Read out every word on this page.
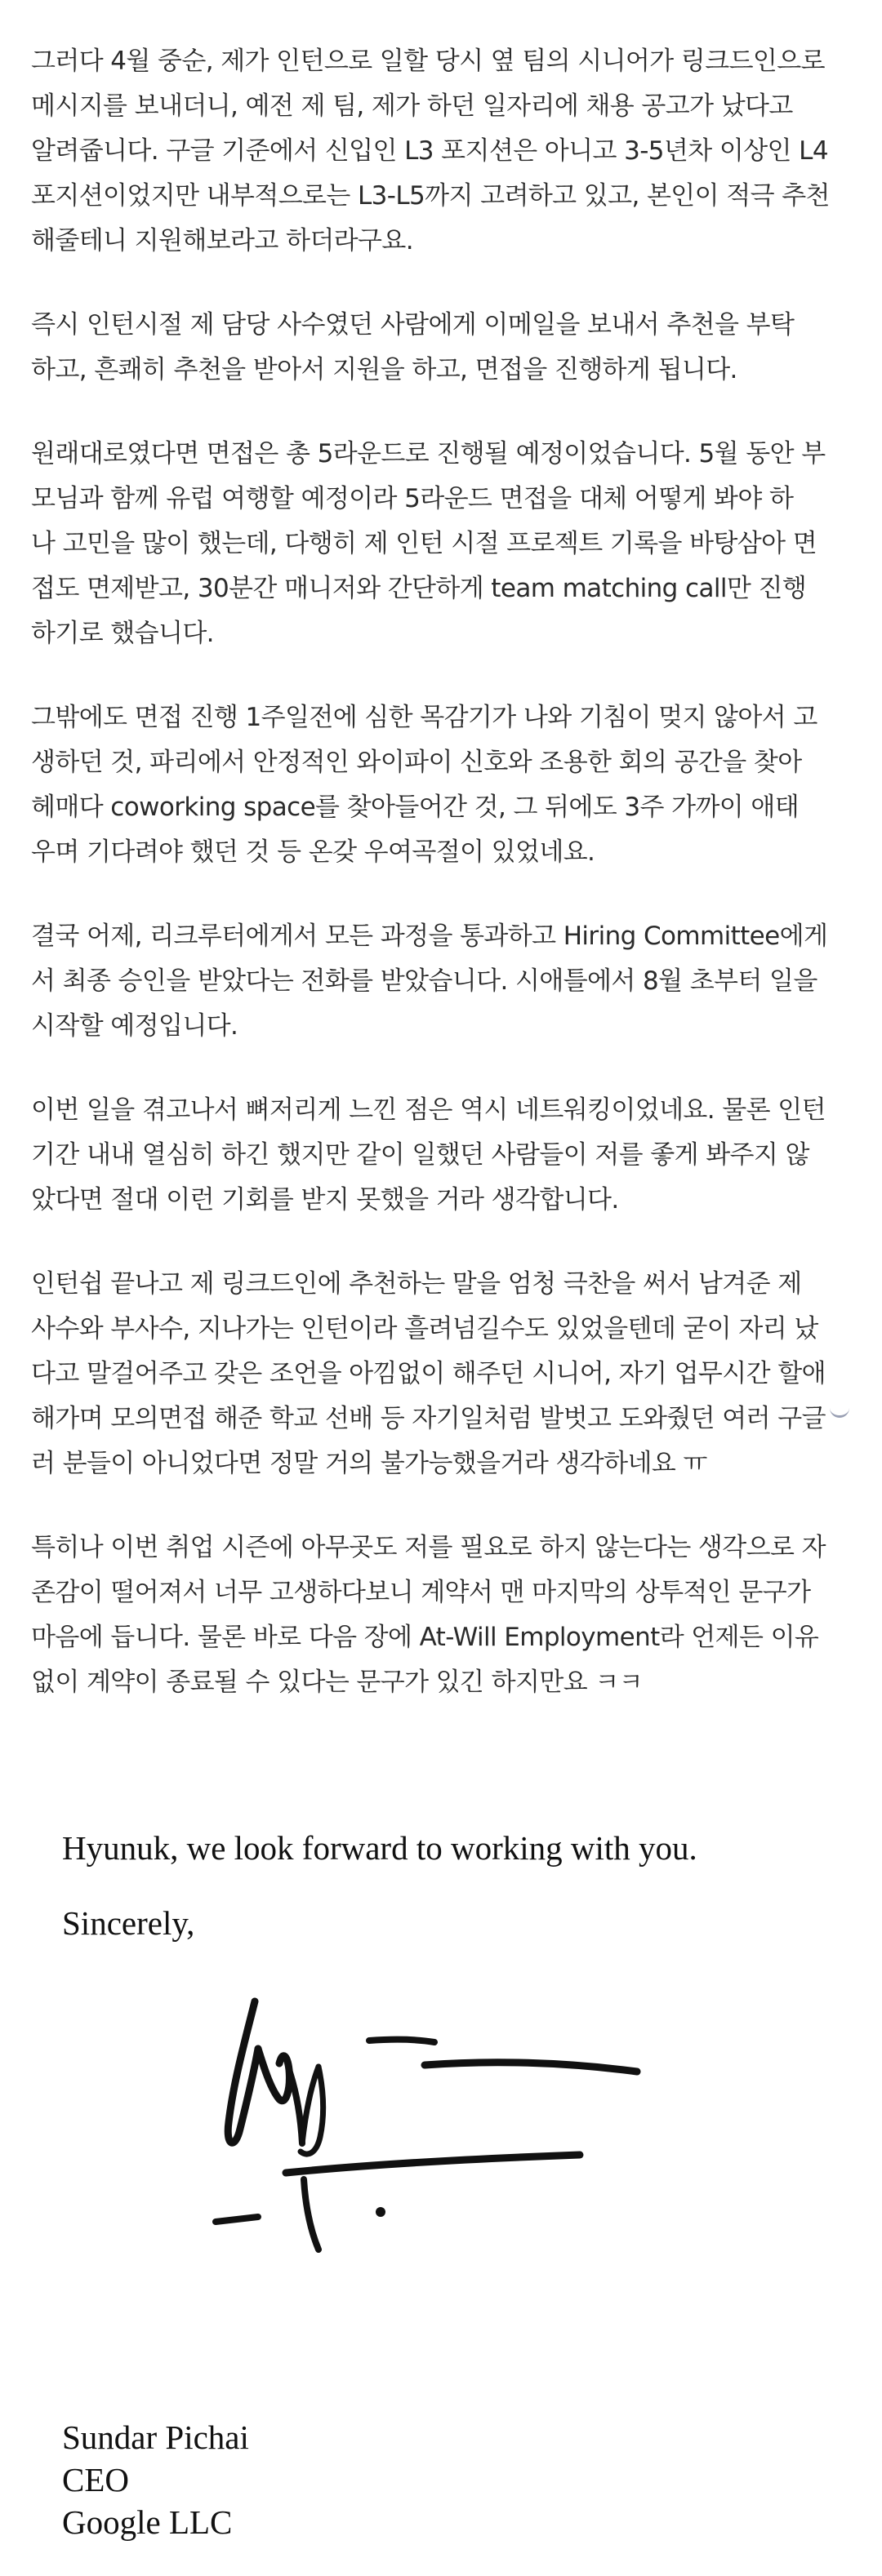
그러다 4월 중순, 제가 인턴으로 일할 당시 옆 팀의 시니어가 링크드인으로
메시지를 보내더니, 예전 제 팀, 제가 하던 일자리에 채용 공고가 났다고
알려줍니다. 구글 기준에서 신입인 L3 포지션은 아니고 3-5년차 이상인 L4
포지션이었지만 내부적으로는 L3-L5까지 고려하고 있고, 본인이 적극 추천
해줄테니 지원해보라고 하더라구요.
즉시 인턴시절 제 담당 사수였던 사람에게 이메일을 보내서 추천을 부탁
하고, 흔쾌히 추천을 받아서 지원을 하고, 면접을 진행하게 됩니다.
원래대로였다면 면접은 총 5라운드로 진행될 예정이었습니다. 5월 동안 부
모님과 함께 유럽 여행할 예정이라 5라운드 면접을 대체 어떻게 봐야 하
나 고민을 많이 했는데, 다행히 제 인턴 시절 프로젝트 기록을 바탕삼아 면
접도 면제받고, 30분간 매니저와 간단하게 team matching call만 진행
하기로 했습니다.
그밖에도 면접 진행 1주일전에 심한 목감기가 나와 기침이 멎지 않아서 고
생하던 것, 파리에서 안정적인 와이파이 신호와 조용한 회의 공간을 찾아
헤매다 coworking space를 찾아들어간 것, 그 뒤에도 3주 가까이 애태
우며 기다려야 했던 것 등 온갖 우여곡절이 있었네요.
결국 어제, 리크루터에게서 모든 과정을 통과하고 Hiring Committee에게
서 최종 승인을 받았다는 전화를 받았습니다. 시애틀에서 8월 초부터 일을
시작할 예정입니다.
이번 일을 겪고나서 뼈저리게 느낀 점은 역시 네트워킹이었네요. 물론 인턴
기간 내내 열심히 하긴 했지만 같이 일했던 사람들이 저를 좋게 봐주지 않
았다면 절대 이런 기회를 받지 못했을 거라 생각합니다.
인턴쉽 끝나고 제 링크드인에 추천하는 말을 엄청 극찬을 써서 남겨준 제
사수와 부사수, 지나가는 인턴이라 흘려넘길수도 있었을텐데 굳이 자리 났
다고 말걸어주고 갖은 조언을 아낌없이 해주던 시니어, 자기 업무시간 할애
해가며 모의면접 해준 학교 선배 등 자기일처럼 발벗고 도와줬던 여러 구글
러 분들이 아니었다면 정말 거의 불가능했을거라 생각하네요 ㅠ
특히나 이번 취업 시즌에 아무곳도 저를 필요로 하지 않는다는 생각으로 자
존감이 떨어져서 너무 고생하다보니 계약서 맨 마지막의 상투적인 문구가
마음에 듭니다. 물론 바로 다음 장에 At-Will Employment라 언제든 이유
없이 계약이 종료될 수 있다는 문구가 있긴 하지만요 ㅋㅋ
Hyunuk, we look forward to working with you.
Sincerely,
Sundar Pichai
CEO
Google LLC
